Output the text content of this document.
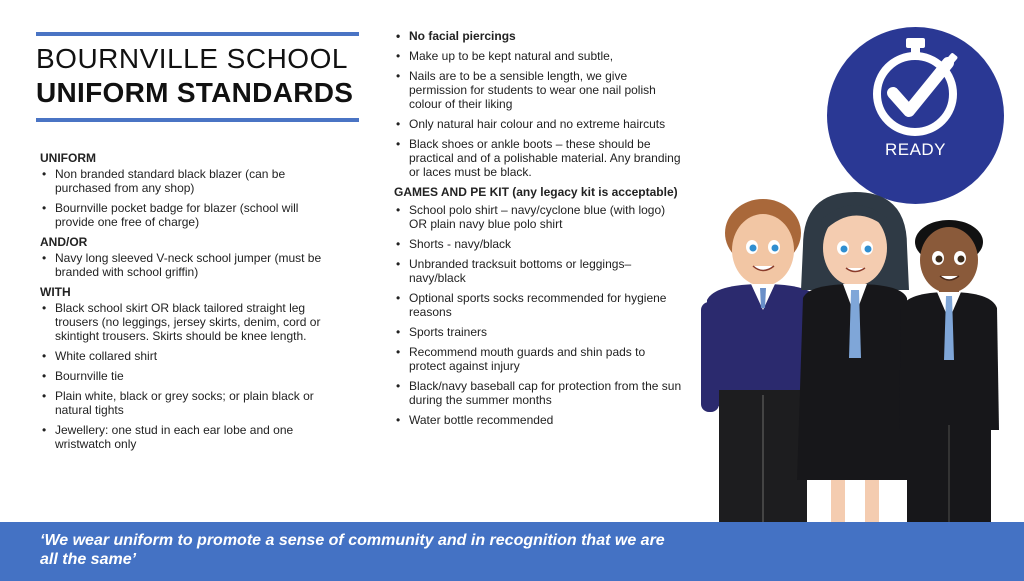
BOURNVILLE SCHOOL
UNIFORM STANDARDS
UNIFORM
• Non branded standard black blazer (can be purchased from any shop)
• Bournville pocket badge for blazer (school will provide one free of charge)
AND/OR
• Navy long sleeved V-neck school jumper (must be branded with school griffin)
WITH
• Black school skirt OR black tailored straight leg trousers (no leggings, jersey skirts, denim, cord or skintight trousers. Skirts should be knee length.
• White collared shirt
• Bournville tie
• Plain white, black or grey socks; or plain black or natural tights
• Jewellery: one stud in each ear lobe and one wristwatch only
• No facial piercings
• Make up to be kept natural and subtle,
• Nails are to be a sensible length, we give permission for students to wear one nail polish colour of their liking
• Only natural hair colour and no extreme haircuts
• Black shoes or ankle boots – these should be practical and of a polishable material. Any branding or laces must be black.
GAMES AND PE KIT (any legacy kit is acceptable)
• School polo shirt – navy/cyclone blue (with logo) OR plain navy blue polo shirt
• Shorts - navy/black
• Unbranded tracksuit bottoms or leggings– navy/black
• Optional sports socks recommended for hygiene reasons
• Sports trainers
• Recommend mouth guards and shin pads to protect against injury
• Black/navy baseball cap for protection from the sun during the summer months
• Water bottle recommended
READY
‘We wear uniform to promote a sense of community and in recognition that we are all the same’
